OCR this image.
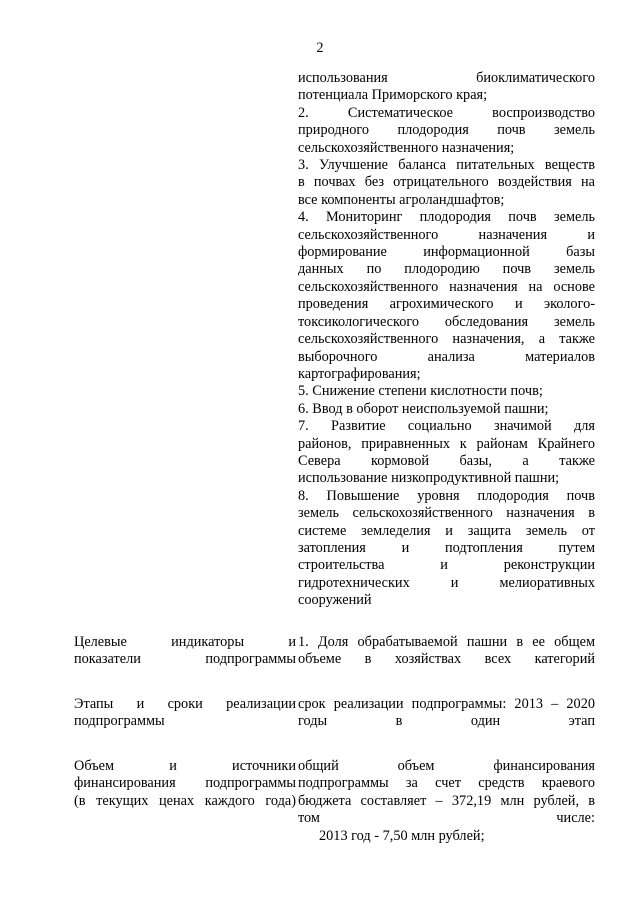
2
использования биоклиматического
потенциала Приморского края;
2. Систематическое воспроизводство
природного плодородия почв земель
сельскохозяйственного назначения;
3. Улучшение баланса питательных веществ
в почвах без отрицательного воздействия на
все компоненты агроландшафтов;
4. Мониторинг плодородия почв земель
сельскохозяйственного назначения и
формирование информационной базы
данных по плодородию почв земель
сельскохозяйственного назначения на основе
проведения агрохимического и эколого-
токсикологического обследования земель
сельскохозяйственного назначения, а также
выборочного анализа материалов
картографирования;
5. Снижение степени кислотности почв;
6. Ввод в оборот неиспользуемой пашни;
7. Развитие социально значимой для
районов, приравненных к районам Крайнего
Севера кормовой базы, а также
использование низкопродуктивной пашни;
8. Повышение уровня плодородия почв
земель сельскохозяйственного назначения в
системе земледелия и защита земель от
затопления и подтопления путем
строительства и реконструкции
гидротехнических и мелиоративных
сооружений
Целевые индикаторы и
показатели подпрограммы
1. Доля обрабатываемой пашни в ее общем
объеме в хозяйствах всех категорий
Этапы и сроки реализации
подпрограммы
срок реализации подпрограммы: 2013 – 2020
годы в один этап
Объем и источники
финансирования подпрограммы
(в текущих ценах каждого года)
общий объем финансирования
подпрограммы за счет средств краевого
бюджета составляет – 372,19 млн рублей, в
том числе:
2013 год - 7,50 млн рублей;
